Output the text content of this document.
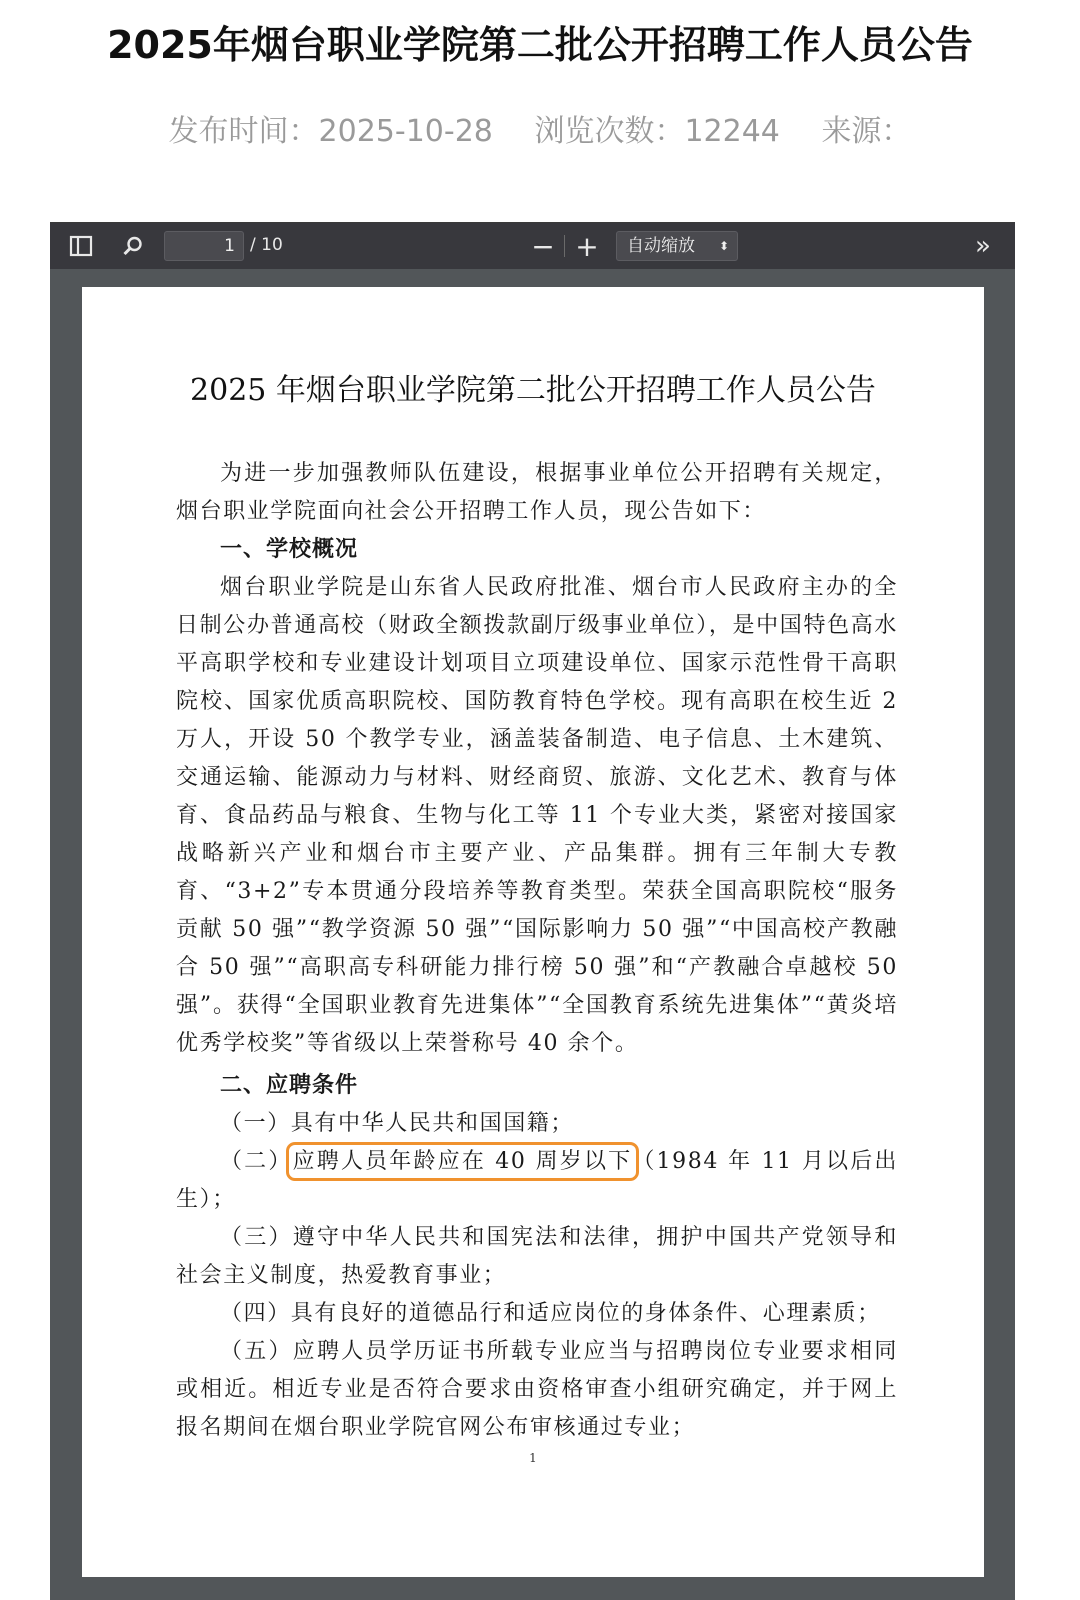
2025年烟台职业学院第二批公开招聘工作人员公告
发布时间：2025-10-28 浏览次数：12244 来源：
1 / 10	− +	自动缩放 ⬍	»
2025 年烟台职业学院第二批公开招聘工作人员公告

为进一步加强教师队伍建设，根据事业单位公开招聘有关规定，烟台职业学院面向社会公开招聘工作人员，现公告如下：

一、学校概况

烟台职业学院是山东省人民政府批准、烟台市人民政府主办的全日制公办普通高校（财政全额拨款副厅级事业单位），是中国特色高水平高职学校和专业建设计划项目立项建设单位、国家示范性骨干高职院校、国家优质高职院校、国防教育特色学校。现有高职在校生近 2 万人，开设 50 个教学专业，涵盖装备制造、电子信息、土木建筑、交通运输、能源动力与材料、财经商贸、旅游、文化艺术、教育与体育、食品药品与粮食、生物与化工等 11 个专业大类，紧密对接国家战略新兴产业和烟台市主要产业、产品集群。拥有三年制大专教育、“3+2”专本贯通分段培养等教育类型。荣获全国高职院校“服务贡献 50 强”“教学资源 50 强”“国际影响力 50 强”“中国高校产教融合 50 强”“高职高专科研能力排行榜 50 强”和“产教融合卓越校 50 强”。获得“全国职业教育先进集体”“全国教育系统先进集体”“黄炎培优秀学校奖”等省级以上荣誉称号 40 余个。

二、应聘条件

（一）具有中华人民共和国国籍；

（二）应聘人员年龄应在 40 周岁以下（1984 年 11 月以后出生）；

（三）遵守中华人民共和国宪法和法律，拥护中国共产党领导和社会主义制度，热爱教育事业；

（四）具有良好的道德品行和适应岗位的身体条件、心理素质；

（五）应聘人员学历证书所载专业应当与招聘岗位专业要求相同或相近。相近专业是否符合要求由资格审查小组研究确定，并于网上报名期间在烟台职业学院官网公布审核通过专业；

1
